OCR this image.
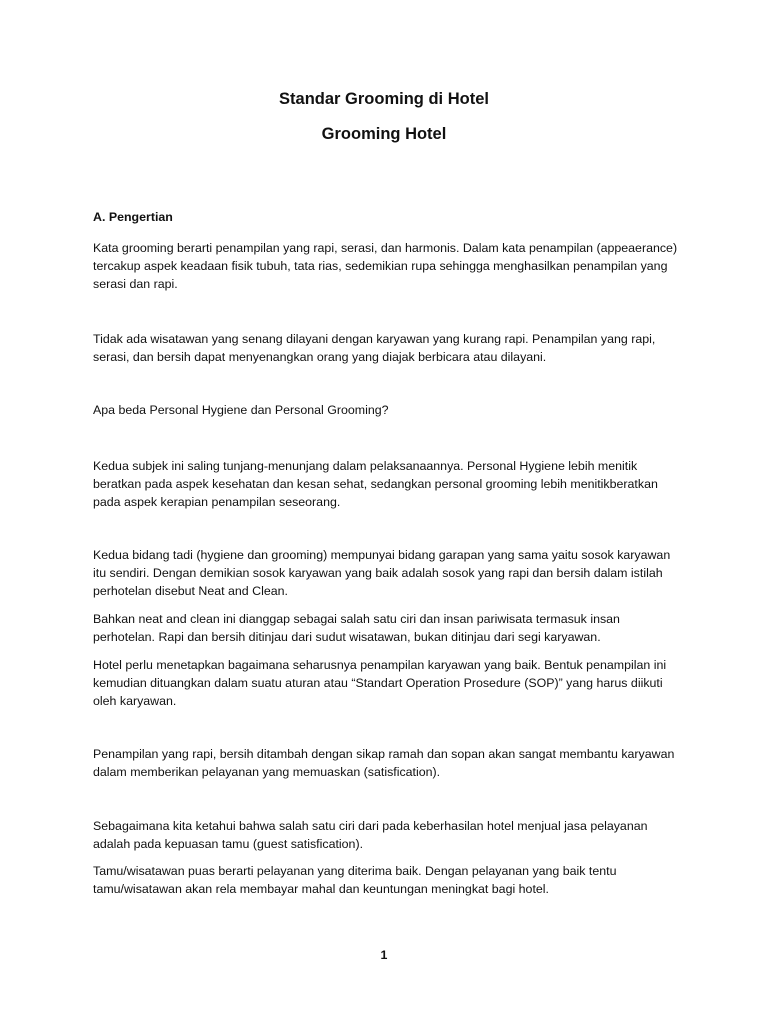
Standar Grooming di Hotel
Grooming Hotel

A. Pengertian

Kata grooming berarti penampilan yang rapi, serasi, dan harmonis. Dalam kata penampilan (appeaerance) tercakup aspek keadaan fisik tubuh, tata rias, sedemikian rupa sehingga menghasilkan penampilan yang serasi dan rapi.

Tidak ada wisatawan yang senang dilayani dengan karyawan yang kurang rapi. Penampilan yang rapi, serasi, dan bersih dapat menyenangkan orang yang diajak berbicara atau dilayani.

Apa beda Personal Hygiene dan Personal Grooming?

Kedua subjek ini saling tunjang-menunjang dalam pelaksanaannya. Personal Hygiene lebih menitik beratkan pada aspek kesehatan dan kesan sehat, sedangkan personal grooming lebih menitikberatkan pada aspek kerapian penampilan seseorang.

Kedua bidang tadi (hygiene dan grooming) mempunyai bidang garapan yang sama yaitu sosok karyawan itu sendiri. Dengan demikian sosok karyawan yang baik adalah sosok yang rapi dan bersih dalam istilah perhotelan disebut Neat and Clean.

Bahkan neat and clean ini dianggap sebagai salah satu ciri dan insan pariwisata termasuk insan perhotelan. Rapi dan bersih ditinjau dari sudut wisatawan, bukan ditinjau dari segi karyawan.

Hotel perlu menetapkan bagaimana seharusnya penampilan karyawan yang baik. Bentuk penampilan ini kemudian dituangkan dalam suatu aturan atau “Standart Operation Prosedure (SOP)” yang harus diikuti oleh karyawan.

Penampilan yang rapi, bersih ditambah dengan sikap ramah dan sopan akan sangat membantu karyawan dalam memberikan pelayanan yang memuaskan (satisfication).

Sebagaimana kita ketahui bahwa salah satu ciri dari pada keberhasilan hotel menjual jasa pelayanan adalah pada kepuasan tamu (guest satisfication).

Tamu/wisatawan puas berarti pelayanan yang diterima baik. Dengan pelayanan yang baik tentu tamu/wisatawan akan rela membayar mahal dan keuntungan meningkat bagi hotel.

1
